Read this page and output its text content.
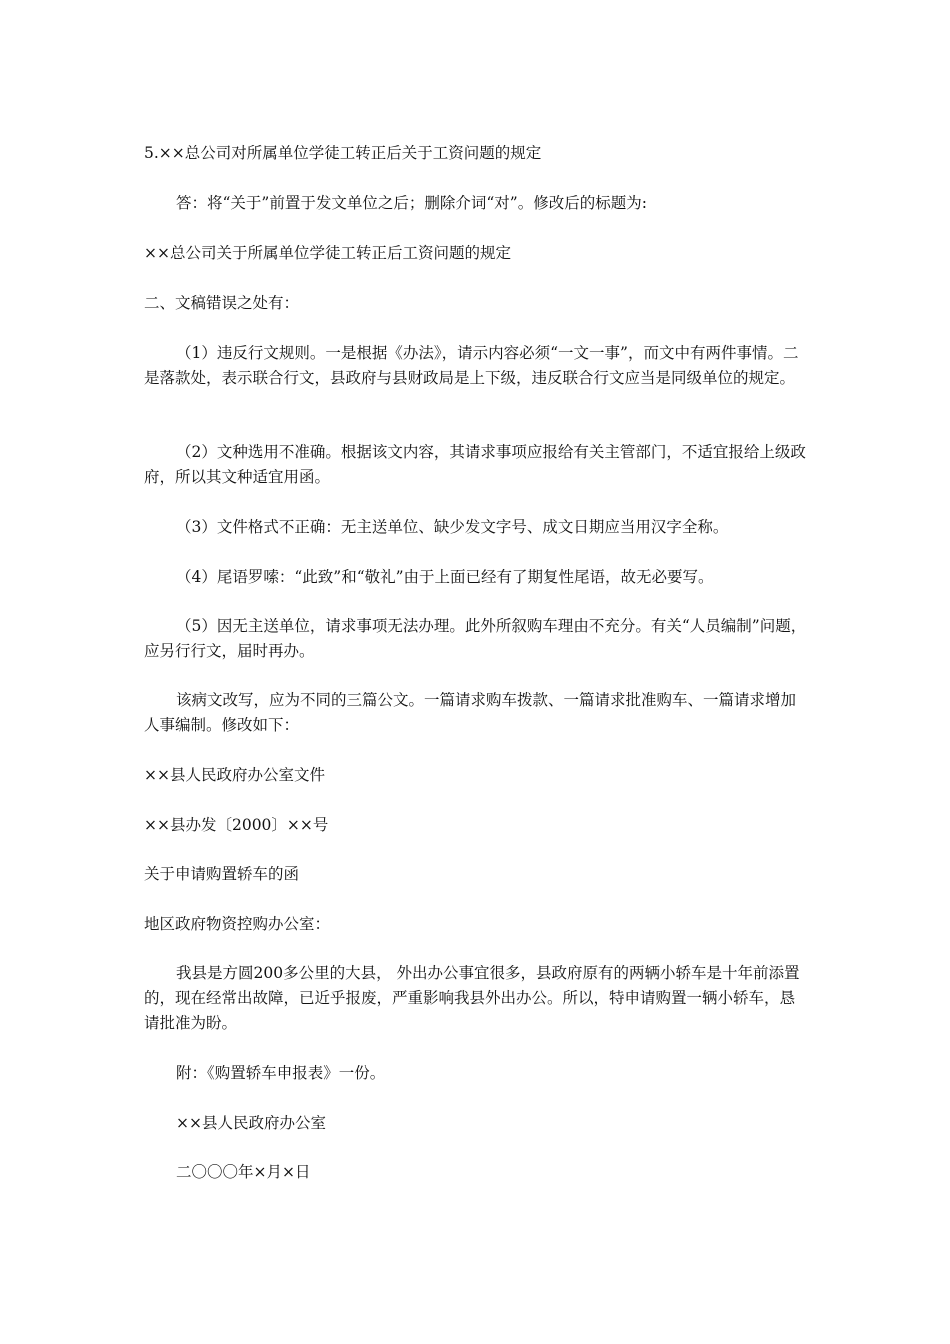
5.××总公司对所属单位学徒工转正后关于工资问题的规定

答：将“关于”前置于发文单位之后；删除介词“对”。修改后的标题为:

××总公司关于所属单位学徒工转正后工资问题的规定

二、文稿错误之处有：

（1）违反行文规则。一是根据《办法》，请示内容必须“一文一事”，而文中有两件事情。二是落款处，表示联合行文，县政府与县财政局是上下级，违反联合行文应当是同级单位的规定。

（2）文种选用不准确。根据该文内容，其请求事项应报给有关主管部门，不适宜报给上级政府，所以其文种适宜用函。

（3）文件格式不正确：无主送单位、缺少发文字号、成文日期应当用汉字全称。

（4）尾语罗嗦：“此致”和“敬礼”由于上面已经有了期复性尾语，故无必要写。

（5）因无主送单位，请求事项无法办理。此外所叙购车理由不充分。有关“人员编制”问题，应另行行文，届时再办。

该病文改写，应为不同的三篇公文。一篇请求购车拨款、一篇请求批准购车、一篇请求增加人事编制。修改如下：

××县人民政府办公室文件

××县办发〔2000〕××号

关于申请购置轿车的函

地区政府物资控购办公室：

我县是方圆200多公里的大县， 外出办公事宜很多，县政府原有的两辆小轿车是十年前添置的，现在经常出故障，已近乎报废，严重影响我县外出办公。所以，特申请购置一辆小轿车，恳请批准为盼。

附：《购置轿车申报表》一份。

××县人民政府办公室

二〇〇〇年×月×日
